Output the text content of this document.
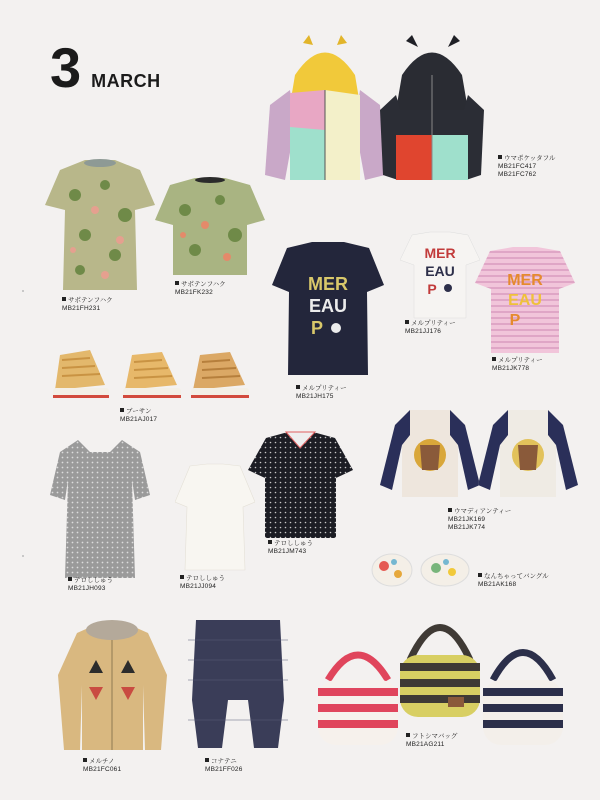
3 MARCH
ウマポケッタフル
MB21FC417
MB21FC762
サボテンフハク
MB21FH231
サボテンフハク
MB21FK232	MER
EAU
P
メルプリティー
MB21JH175
MER
EAU
P
メルプリティー
MB21JJ176
MER
EAU
P
メルプリティー
MB21JK778
ブーサン
MB21AJ017
ウマディアンティー
MB21JK169
MB21JK774
テロししゅう
MB21JH093
テロししゅう
MB21JJ094
テロししゅう
MB21JM743
なんちゃってバングル
MB21AK168
メルチノ
MB21FC061
コナテニ
MB21FF026
フトシマバッグ
MB21AG211
